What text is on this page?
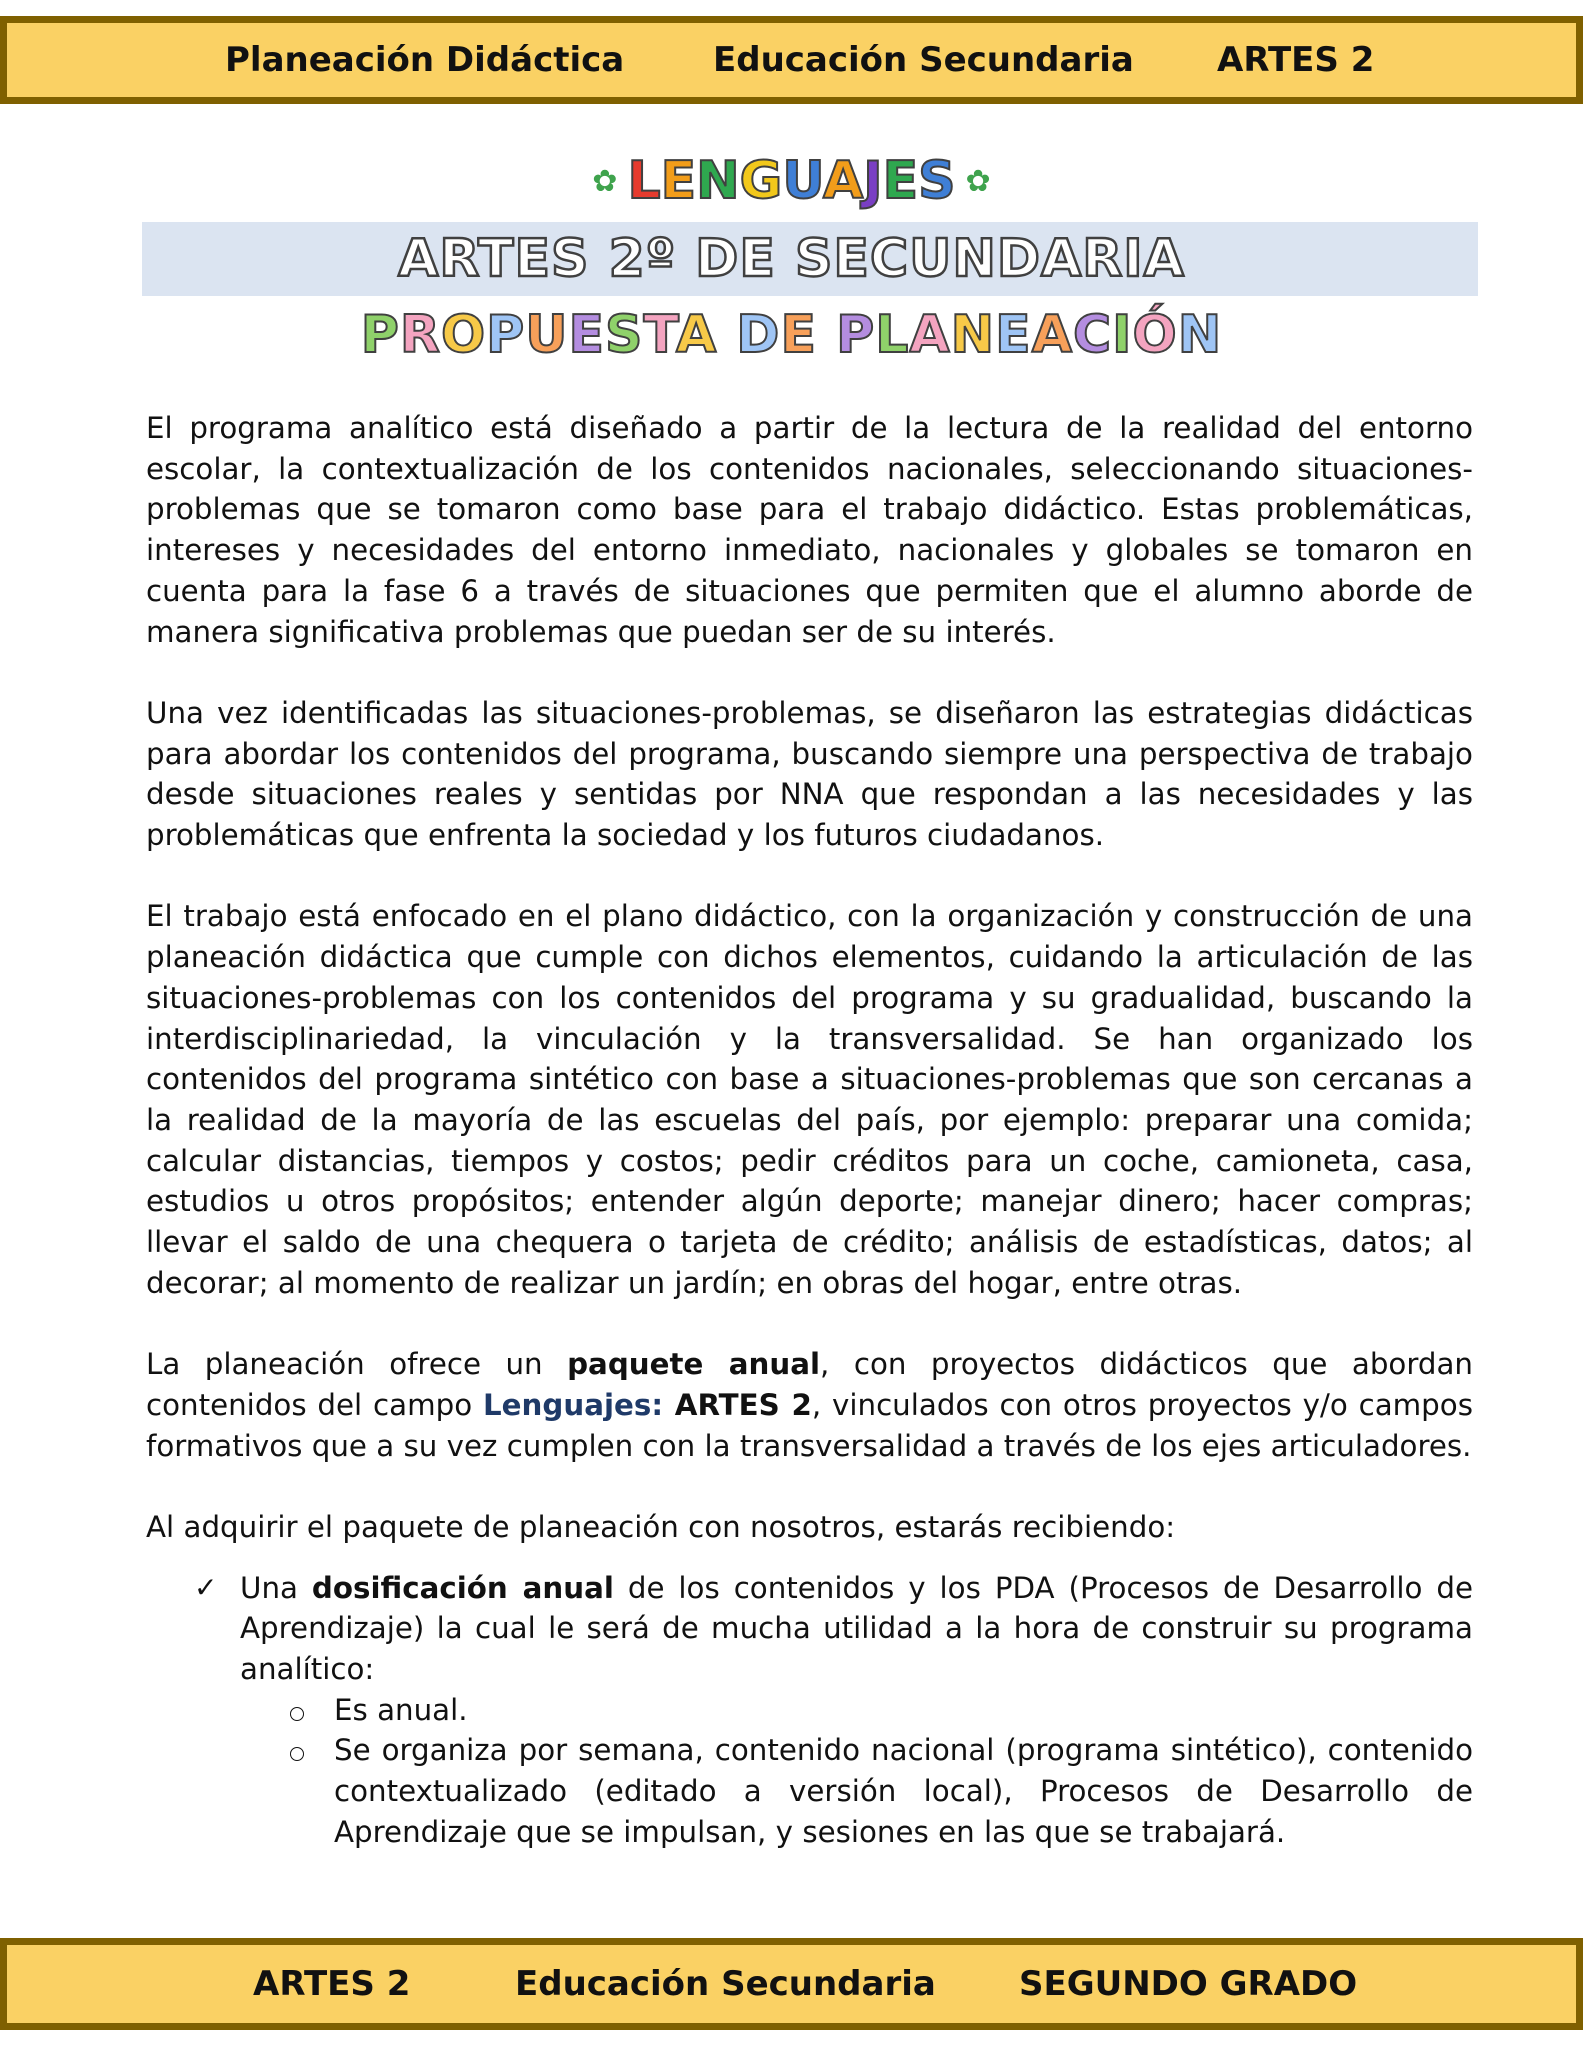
Planeación Didáctica	Educación Secundaria ARTES 2
✿ LENGUAJES ✿
ARTES 2º DE SECUNDARIA
PROPUESTA DE PLANEACIÓN

El programa analítico está diseñado a partir de la lectura de la realidad del entorno escolar, la contextualización de los contenidos nacionales, seleccionando situaciones-problemas que se tomaron como base para el trabajo didáctico. Estas problemáticas, intereses y necesidades del entorno inmediato, nacionales y globales se tomaron en cuenta para la fase 6 a través de situaciones que permiten que el alumno aborde de manera significativa problemas que puedan ser de su interés.

Una vez identificadas las situaciones-problemas, se diseñaron las estrategias didácticas para abordar los contenidos del programa, buscando siempre una perspectiva de trabajo desde situaciones reales y sentidas por NNA que respondan a las necesidades y las problemáticas que enfrenta la sociedad y los futuros ciudadanos.

El trabajo está enfocado en el plano didáctico, con la organización y construcción de una planeación didáctica que cumple con dichos elementos, cuidando la articulación de las situaciones-problemas con los contenidos del programa y su gradualidad, buscando la interdisciplinariedad, la vinculación y la transversalidad. Se han organizado los contenidos del programa sintético con base a situaciones-problemas que son cercanas a la realidad de la mayoría de las escuelas del país, por ejemplo: preparar una comida; calcular distancias, tiempos y costos; pedir créditos para un coche, camioneta, casa, estudios u otros propósitos; entender algún deporte; manejar dinero; hacer compras; llevar el saldo de una chequera o tarjeta de crédito; análisis de estadísticas, datos; al decorar; al momento de realizar un jardín; en obras del hogar, entre otras.

La planeación ofrece un paquete anual, con proyectos didácticos que abordan contenidos del campo Lenguajes: ARTES 2, vinculados con otros proyectos y/o campos formativos que a su vez cumplen con la transversalidad a través de los ejes articuladores.

Al adquirir el paquete de planeación con nosotros, estarás recibiendo:

✓ Una dosificación anual de los contenidos y los PDA (Procesos de Desarrollo de Aprendizaje) la cual le será de mucha utilidad a la hora de construir su programa analítico:
Es anual.
Se organiza por semana, contenido nacional (programa sintético), contenido contextualizado (editado a versión local), Procesos de Desarrollo de Aprendizaje que se impulsan, y sesiones en las que se trabajará.
ARTES 2	Educación Secundaria SEGUNDO GRADO
